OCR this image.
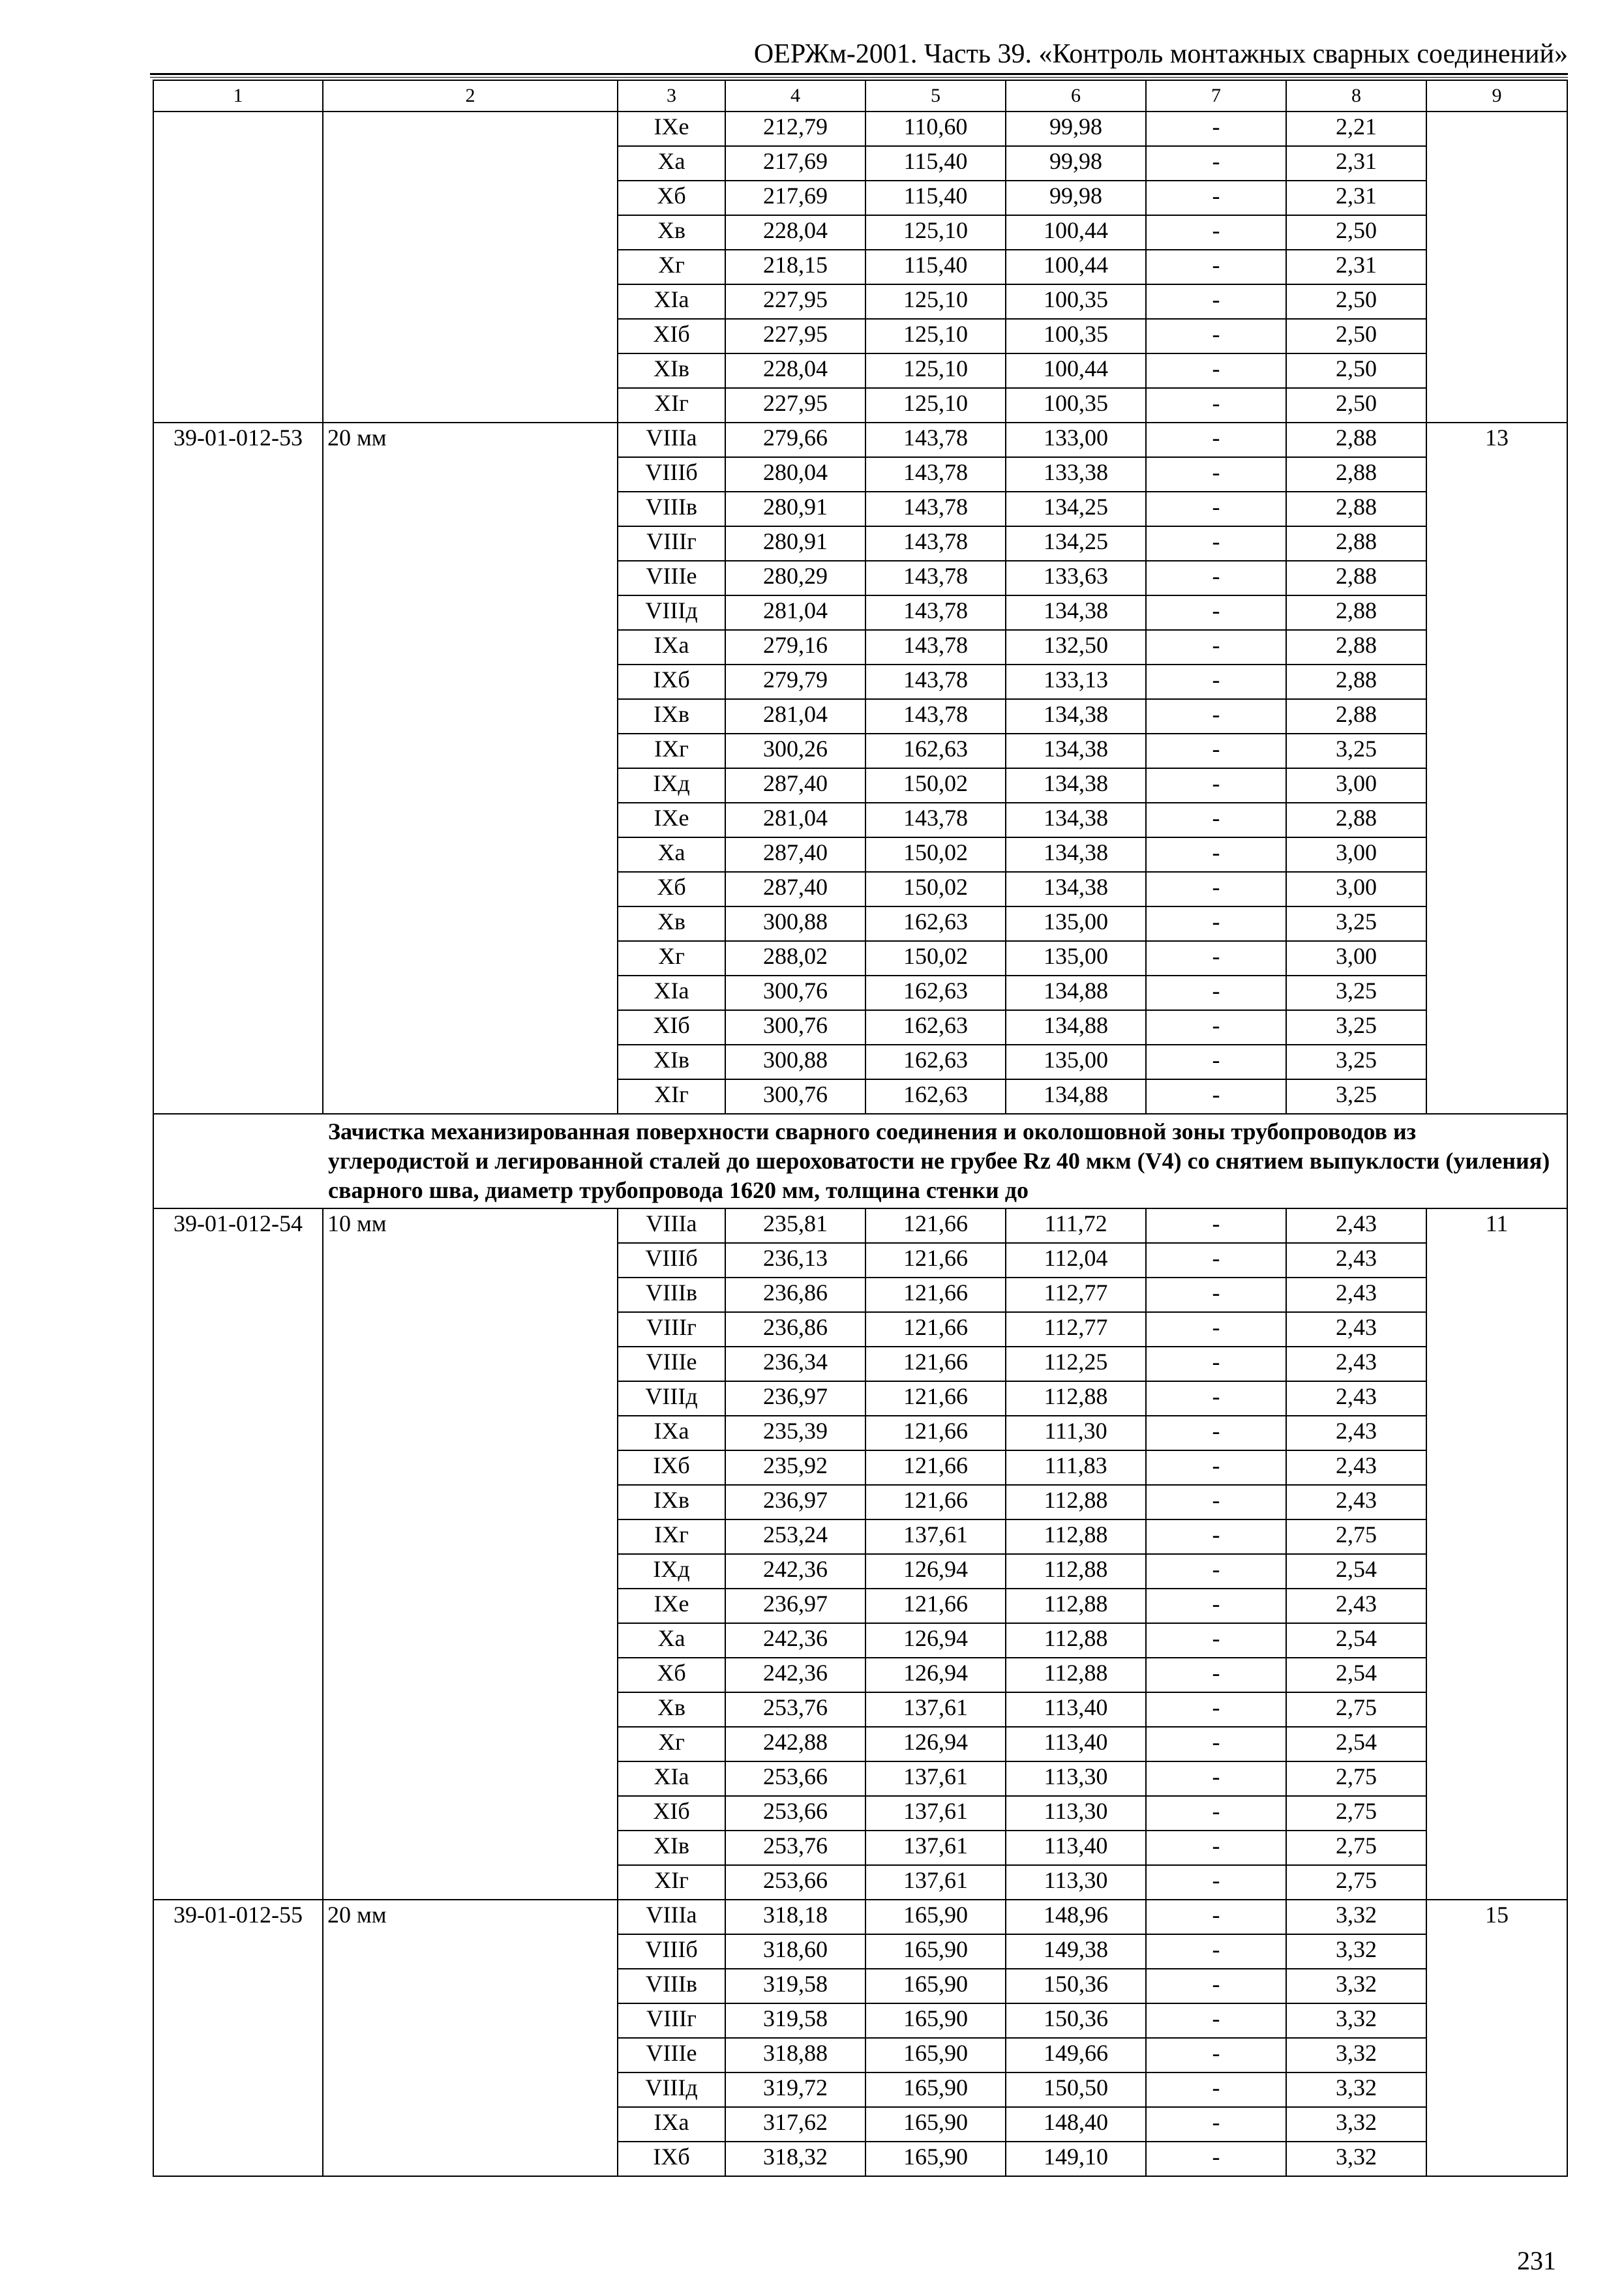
ОЕРЖм-2001. Часть 39. «Контроль монтажных сварных соединений»
1	2	3	4	5	6	7	8	9
		IXе	212,79	110,60	99,98	-	2,21	
		Xа	217,69	115,40	99,98	-	2,31	
		Xб	217,69	115,40	99,98	-	2,31	
		Xв	228,04	125,10	100,44	-	2,50	
		Xг	218,15	115,40	100,44	-	2,31	
		XIа	227,95	125,10	100,35	-	2,50	
		XIб	227,95	125,10	100,35	-	2,50	
		XIв	228,04	125,10	100,44	-	2,50	
		XIг	227,95	125,10	100,35	-	2,50	
39-01-012-53	20 мм	VIIIа	279,66	143,78	133,00	-	2,88	13
		VIIIб	280,04	143,78	133,38	-	2,88	
		VIIIв	280,91	143,78	134,25	-	2,88	
		VIIIг	280,91	143,78	134,25	-	2,88	
		VIIIе	280,29	143,78	133,63	-	2,88	
		VIIIд	281,04	143,78	134,38	-	2,88	
		IXа	279,16	143,78	132,50	-	2,88	
		IXб	279,79	143,78	133,13	-	2,88	
		IXв	281,04	143,78	134,38	-	2,88	
		IXг	300,26	162,63	134,38	-	3,25	
		IXд	287,40	150,02	134,38	-	3,00	
		IXе	281,04	143,78	134,38	-	2,88	
		Xа	287,40	150,02	134,38	-	3,00	
		Xб	287,40	150,02	134,38	-	3,00	
		Xв	300,88	162,63	135,00	-	3,25	
		Xг	288,02	150,02	135,00	-	3,00	
		XIа	300,76	162,63	134,88	-	3,25	
		XIб	300,76	162,63	134,88	-	3,25	
		XIв	300,88	162,63	135,00	-	3,25	
		XIг	300,76	162,63	134,88	-	3,25	
	Зачистка механизированная поверхности сварного соединения и околошовной зоны трубопроводов из углеродистой и легированной сталей до шероховатости не грубее Rz 40 мкм (V4) со снятием выпуклости (уиления) сварного шва, диаметр трубопровода 1620 мм, толщина стенки до							
39-01-012-54	10 мм	VIIIа	235,81	121,66	111,72	-	2,43	11
		VIIIб	236,13	121,66	112,04	-	2,43	
		VIIIв	236,86	121,66	112,77	-	2,43	
		VIIIг	236,86	121,66	112,77	-	2,43	
		VIIIе	236,34	121,66	112,25	-	2,43	
		VIIIд	236,97	121,66	112,88	-	2,43	
		IXа	235,39	121,66	111,30	-	2,43	
		IXб	235,92	121,66	111,83	-	2,43	
		IXв	236,97	121,66	112,88	-	2,43	
		IXг	253,24	137,61	112,88	-	2,75	
		IXд	242,36	126,94	112,88	-	2,54	
		IXе	236,97	121,66	112,88	-	2,43	
		Xа	242,36	126,94	112,88	-	2,54	
		Xб	242,36	126,94	112,88	-	2,54	
		Xв	253,76	137,61	113,40	-	2,75	
		Xг	242,88	126,94	113,40	-	2,54	
		XIа	253,66	137,61	113,30	-	2,75	
		XIб	253,66	137,61	113,30	-	2,75	
		XIв	253,76	137,61	113,40	-	2,75	
		XIг	253,66	137,61	113,30	-	2,75	
39-01-012-55	20 мм	VIIIа	318,18	165,90	148,96	-	3,32	15
		VIIIб	318,60	165,90	149,38	-	3,32	
		VIIIв	319,58	165,90	150,36	-	3,32	
		VIIIг	319,58	165,90	150,36	-	3,32	
		VIIIе	318,88	165,90	149,66	-	3,32	
		VIIIд	319,72	165,90	150,50	-	3,32	
		IXа	317,62	165,90	148,40	-	3,32	
		IXб	318,32	165,90	149,10	-	3,32	
231
